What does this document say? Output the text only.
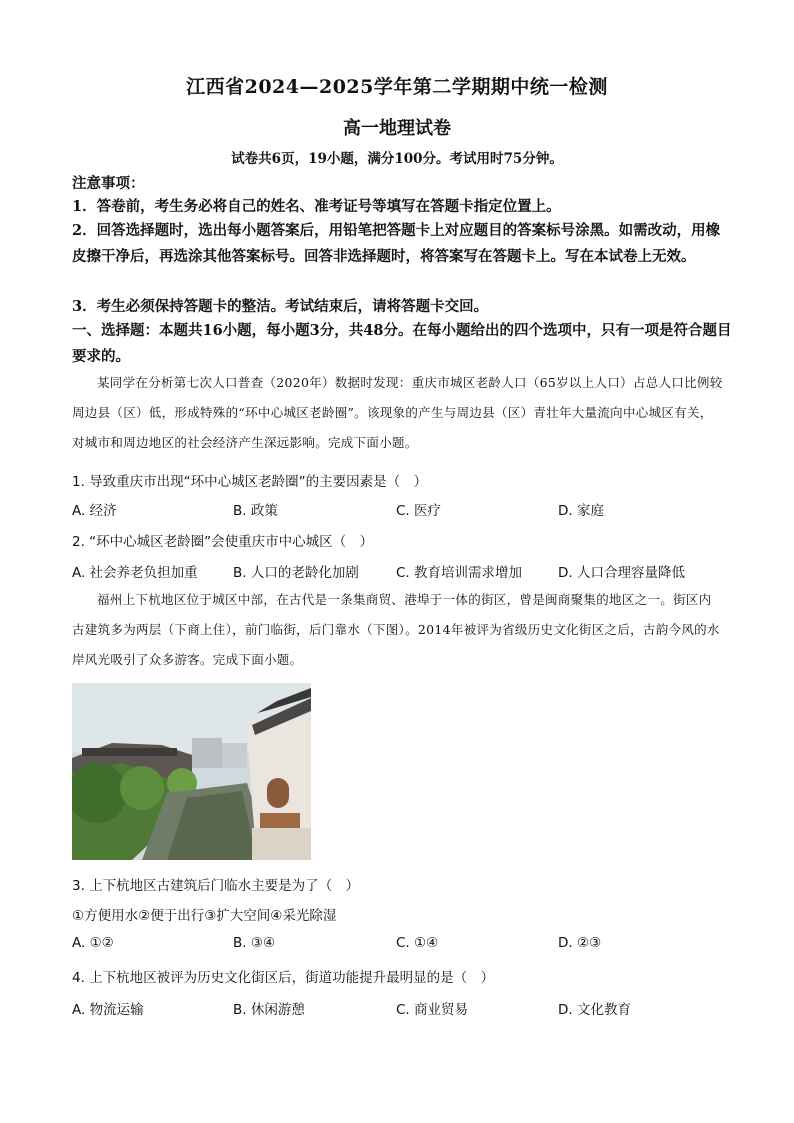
江西省2024—2025学年第二学期期中统一检测
高一地理试卷
试卷共6页，19小题，满分100分。考试用时75分钟。
注意事项：
1．答卷前，考生务必将自己的姓名、准考证号等填写在答题卡指定位置上。
2．回答选择题时，选出每小题答案后，用铅笔把答题卡上对应题目的答案标号涂黑。如需改动，用橡皮擦干净后，再选涂其他答案标号。回答非选择题时，将答案写在答题卡上。写在本试卷上无效。
3．考生必须保持答题卡的整洁。考试结束后，请将答题卡交回。
一、选择题：本题共16小题，每小题3分，共48分。在每小题给出的四个选项中，只有一项是符合题目要求的。
某同学在分析第七次人口普查（2020年）数据时发现：重庆市城区老龄人口（65岁以上人口）占总人口比例较周边县（区）低，形成特殊的“环中心城区老龄圈”。该现象的产生与周边县（区）青壮年大量流向中心城区有关，对城市和周边地区的社会经济产生深远影响。完成下面小题。
1. 导致重庆市出现“环中心城区老龄圈”的主要因素是（　）
A. 经济	B. 政策	C. 医疗	D. 家庭
2. “环中心城区老龄圈”会使重庆市中心城区（　）
A. 社会养老负担加重	B. 人口的老龄化加剧	C. 教育培训需求增加	D. 人口合理容量降低
福州上下杭地区位于城区中部，在古代是一条集商贸、港埠于一体的街区，曾是闽商聚集的地区之一。街区内古建筑多为两层（下商上住），前门临街，后门靠水（下图）。2014年被评为省级历史文化街区之后，古韵今风的水岸风光吸引了众多游客。完成下面小题。
3. 上下杭地区古建筑后门临水主要是为了（　）
①方便用水②便于出行③扩大空间④采光除湿
A. ①②	B. ③④	C. ①④	D. ②③
4. 上下杭地区被评为历史文化街区后，街道功能提升最明显的是（　）
A. 物流运输	B. 休闲游憩	C. 商业贸易	D. 文化教育
